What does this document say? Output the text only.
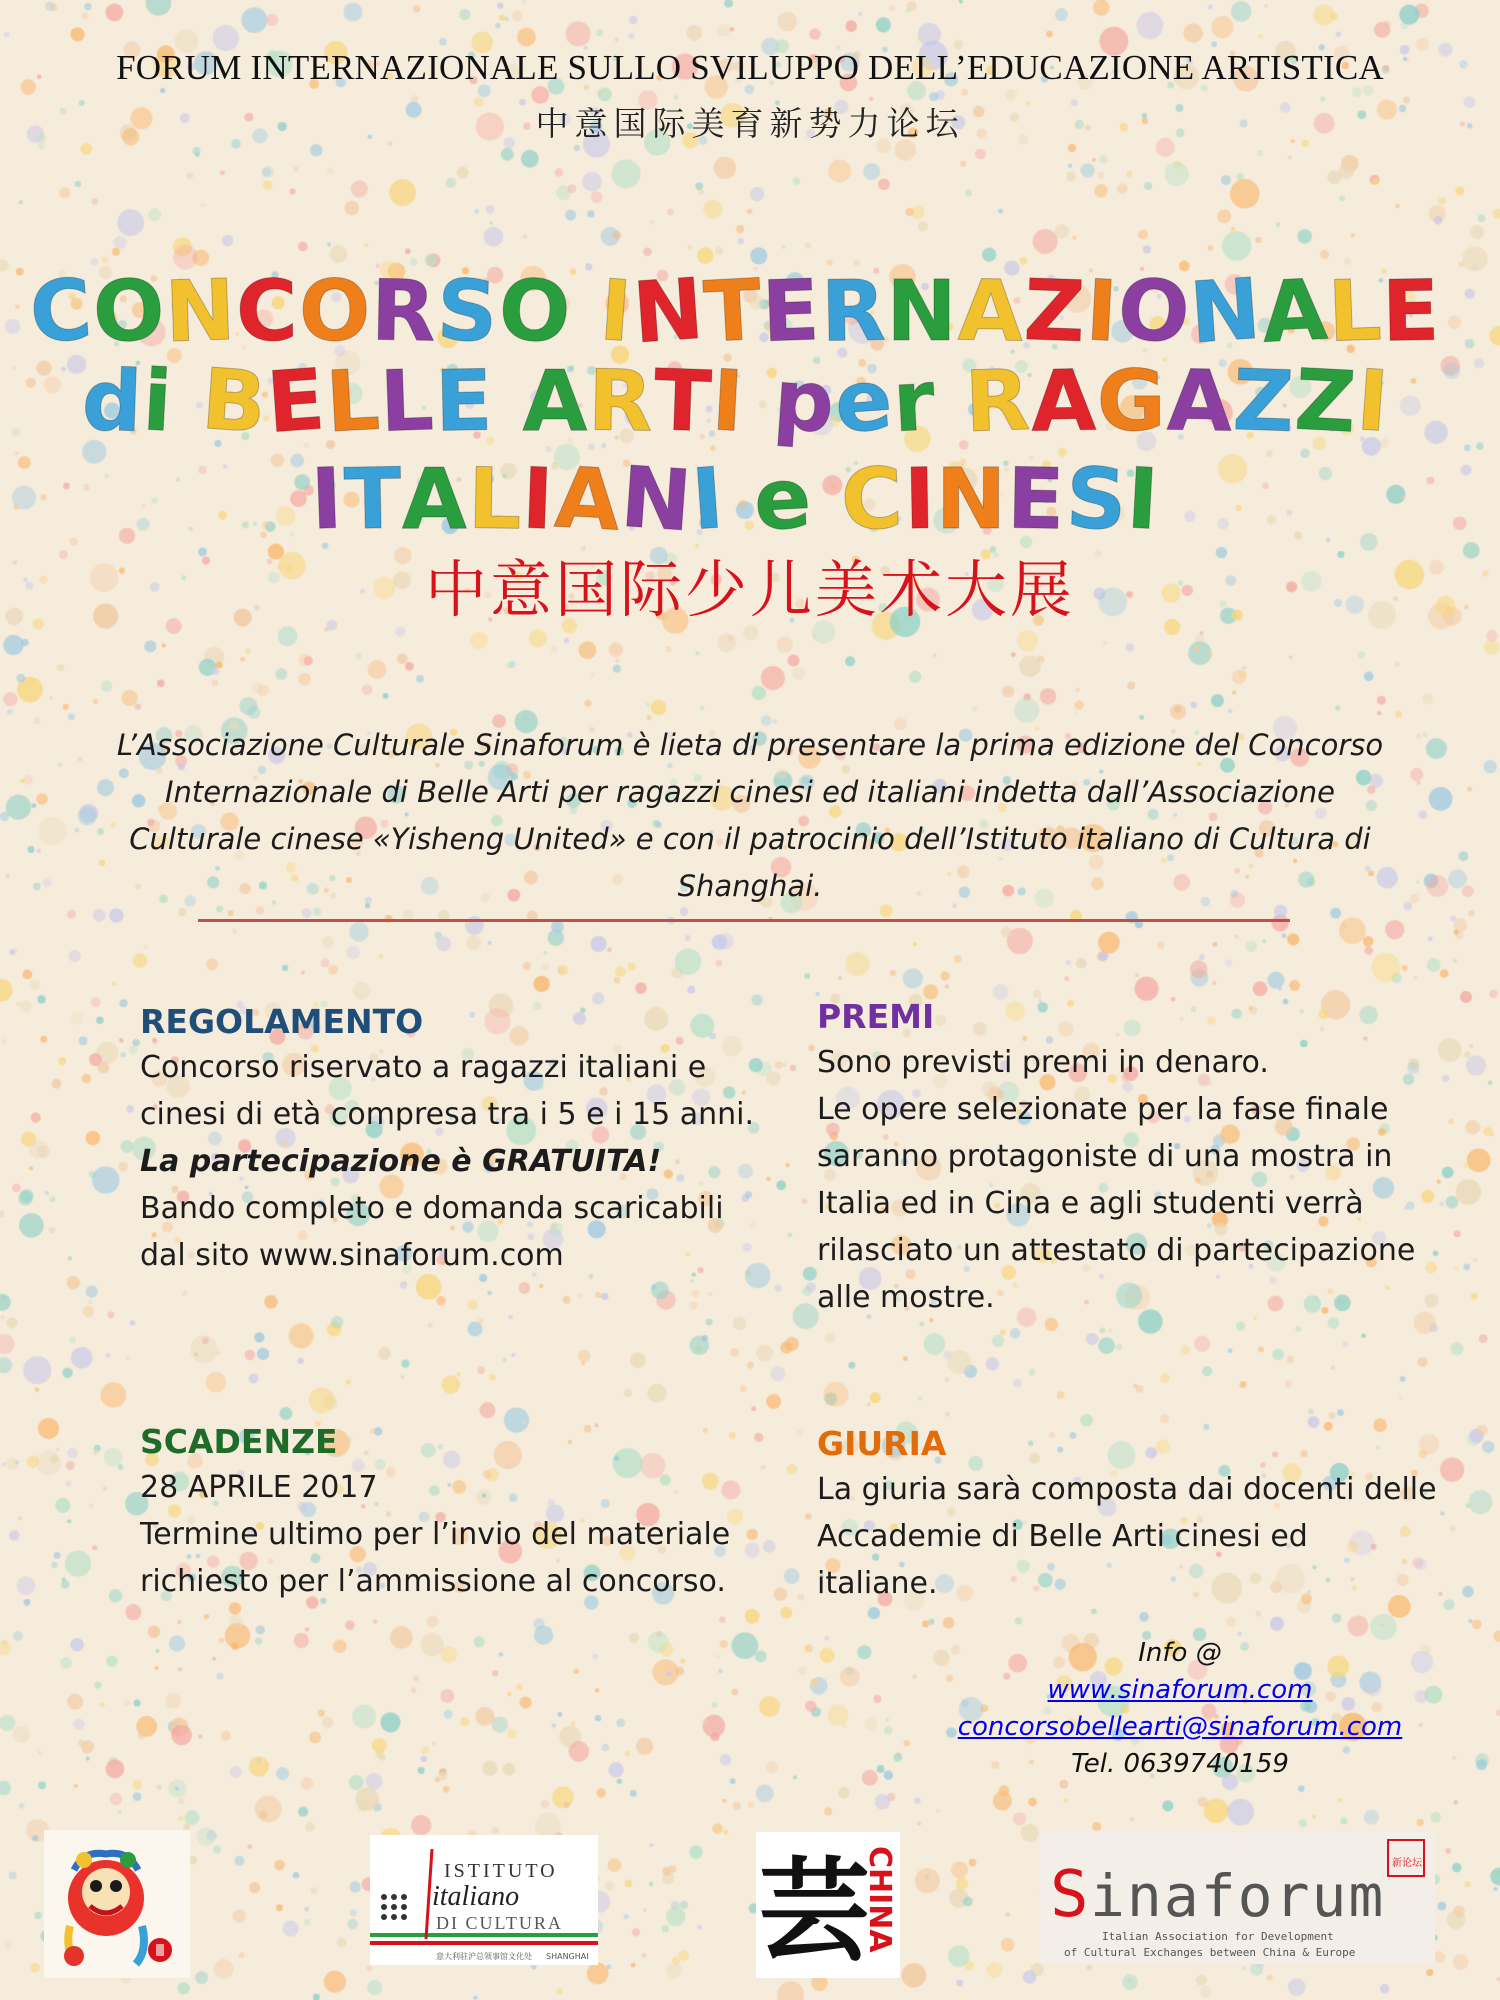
FORUM INTERNAZIONALE SULLO SVILUPPO DELL’EDUCAZIONE ARTISTICA
中意国际美育新势力论坛
CONCORSO INTERNAZIONALE
di BELLE ARTI per RAGAZZI
ITALIANI e CINESI
中意国际少儿美术大展
L’Associazione Culturale Sinaforum è lieta di presentare la prima edizione del Concorso Internazionale di Belle Arti per ragazzi cinesi ed italiani indetta dall’Associazione Culturale cinese «Yisheng United» e con il patrocinio dell’Istituto italiano di Cultura di Shanghai.
REGOLAMENTO

Concorso riservato a ragazzi italiani e cinesi di età compresa tra i 5 e i 15 anni. La partecipazione è GRATUITA!
Bando completo e domanda scaricabili dal sito www.sinaforum.com

PREMI

Sono previsti premi in denaro.

Le opere selezionate per la fase finale saranno protagoniste di una mostra in Italia ed in Cina e agli studenti verrà rilasciato un attestato di partecipazione alle mostre.

SCADENZE

28 APRILE 2017

Termine ultimo per l’invio del materiale richiesto per l’ammissione al concorso.

GIURIA

La giuria sarà composta dai docenti delle Accademie di Belle Arti cinesi ed italiane.

Info @
www.sinaforum.com
concorsobellearti@sinaforum.com
Tel. 0639740159
ISTITUTO
italiano
DI CULTURA
意大利驻沪总领事馆文化处 SHANGHAI 芸
CHINA S inaforum
Italian Association for Development
of Cultural Exchanges between China & Europe
新论坛
